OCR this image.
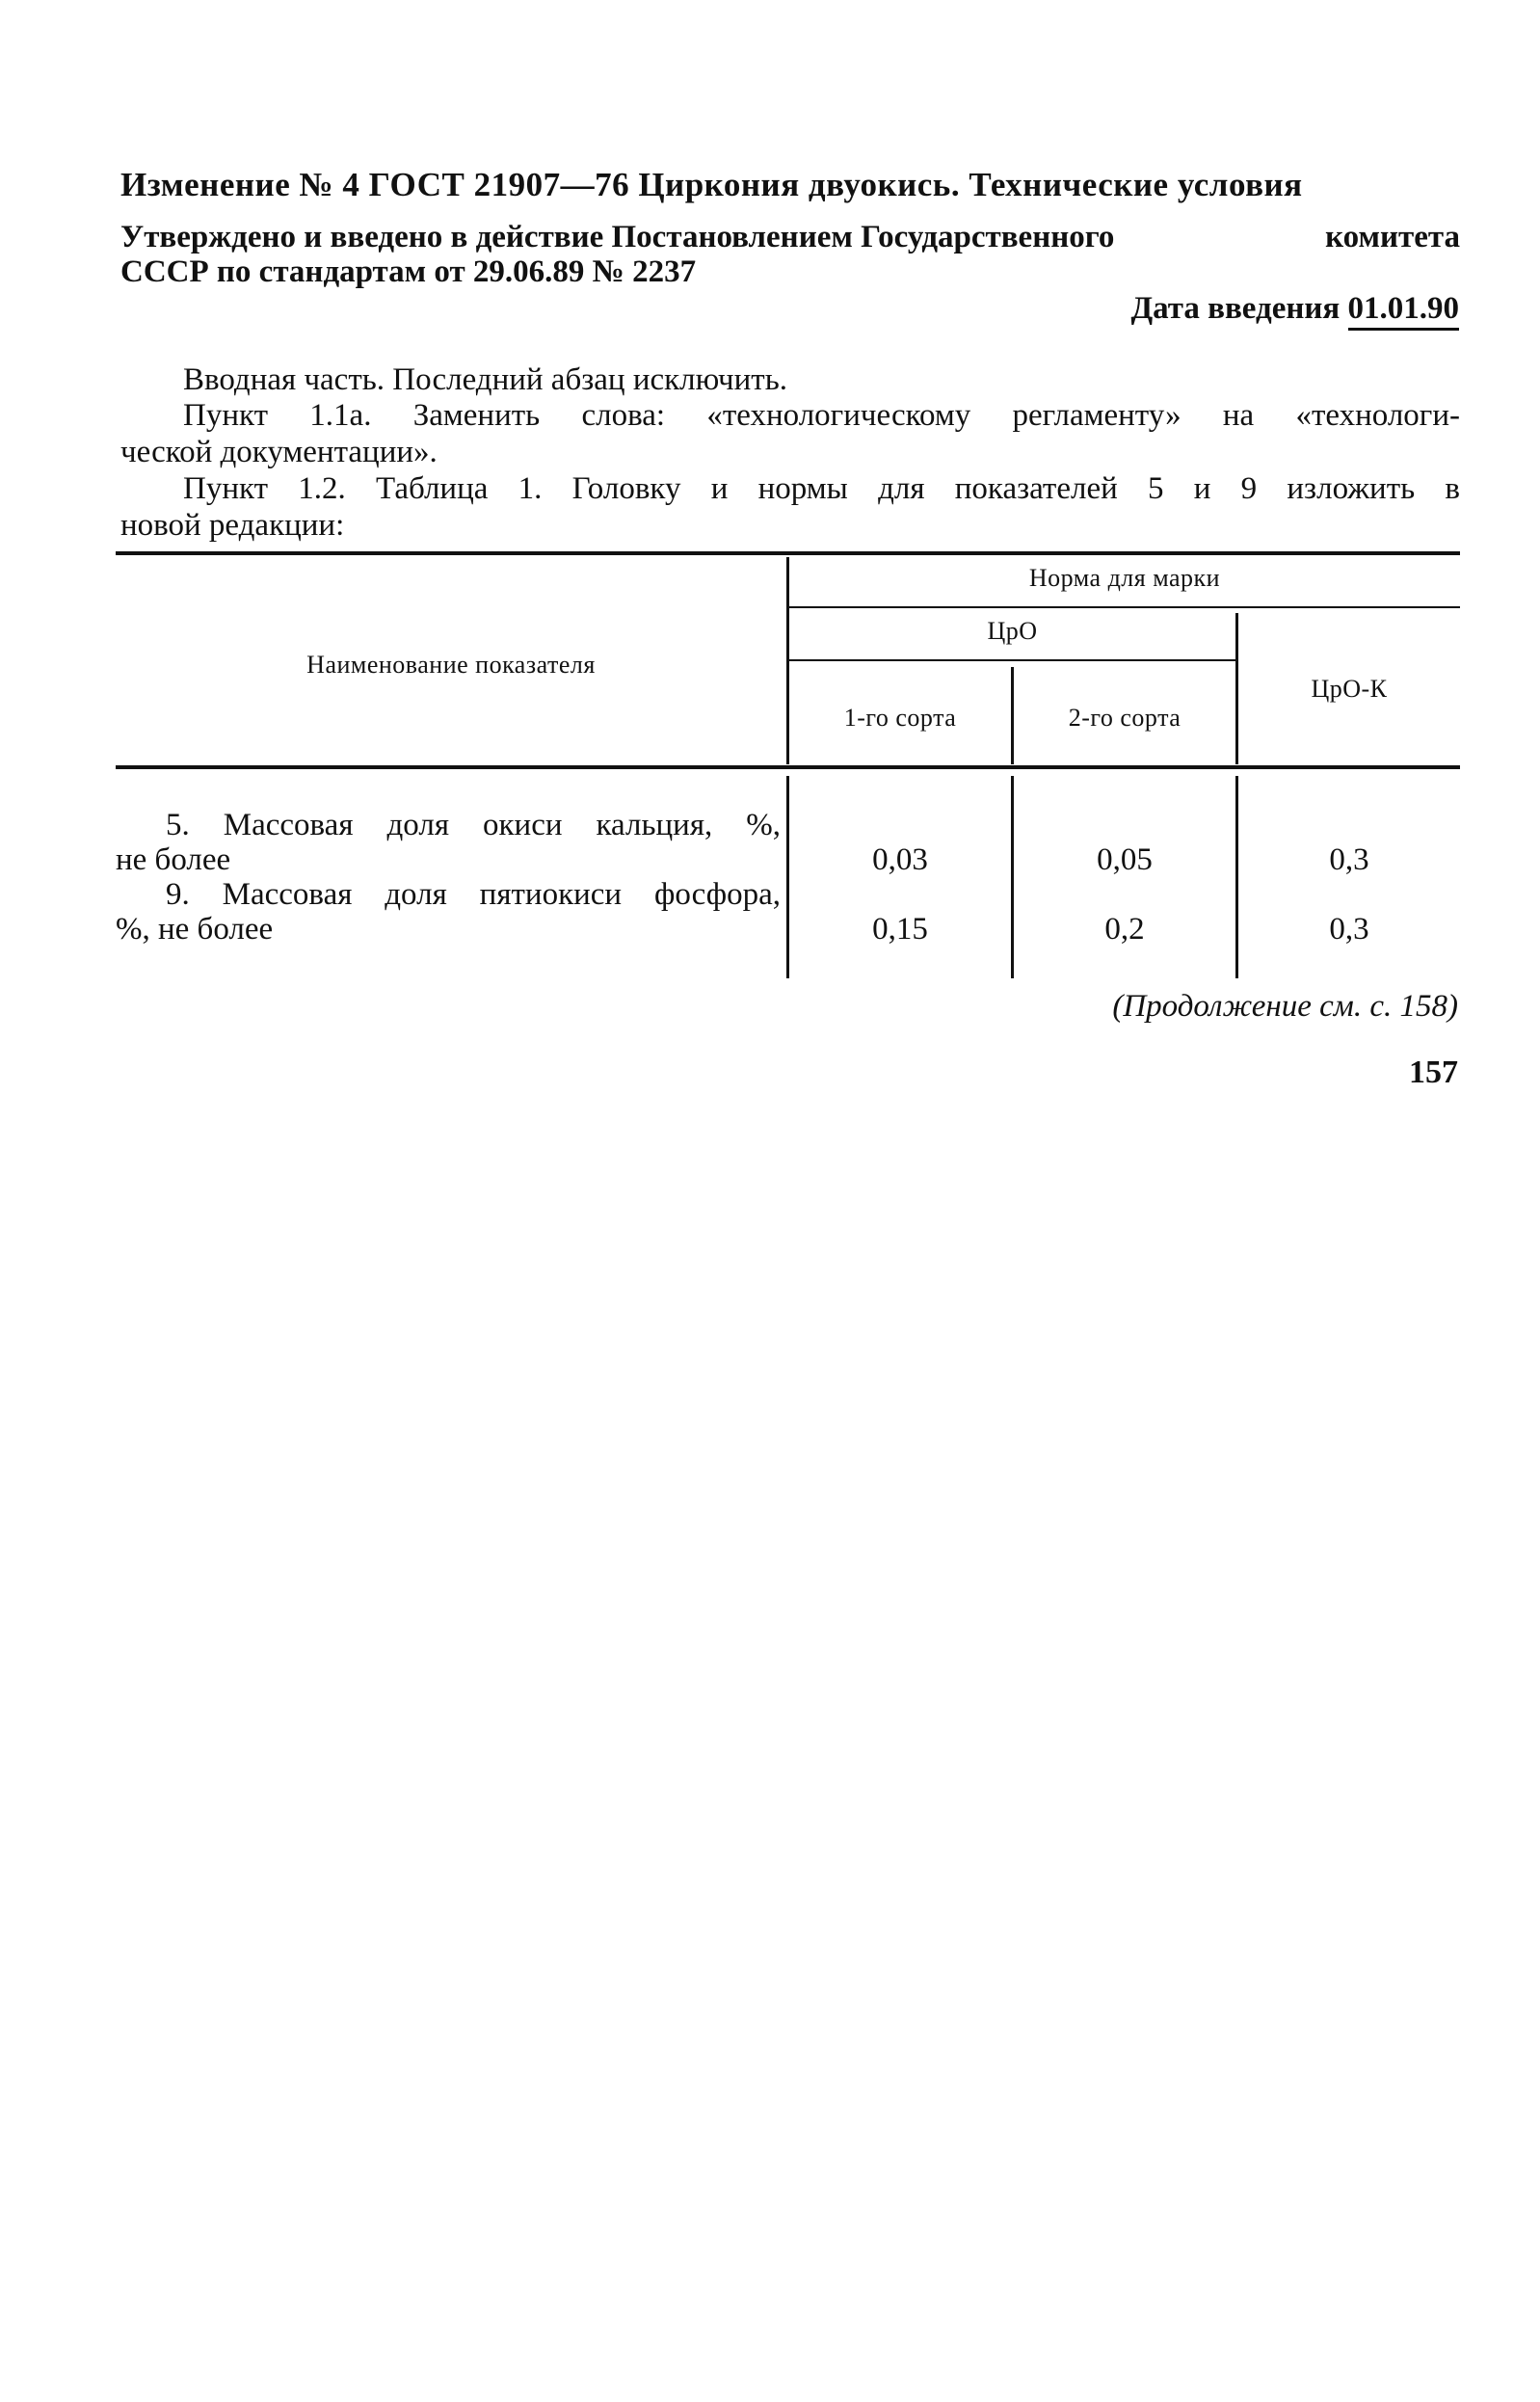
Изменение № 4 ГОСТ 21907—76 Циркония двуокись. Технические условия
Утверждено и введено в действие Постановлением Государственного	комитета
СССР по стандартам от 29.06.89 № 2237
Дата введения 01.01.90
Вводная часть. Последний абзац исключить.
Пункт 1.1а. Заменить слова: «технологическому регламенту» на «технологи-
ческой документации».
Пункт 1.2. Таблица 1. Головку и нормы для показателей 5 и 9 изложить в
новой редакции:
Наименование показателя
Норма для марки
ЦрО
1-го сорта	2-го сорта
ЦрО-К
5. Массовая доля окиси кальция, %,
не более	0,03	0,05	0,3
9. Массовая доля пятиокиси фосфора,
%, не более	0,15	0,2	0,3
(Продолжение см. с. 158)
157
